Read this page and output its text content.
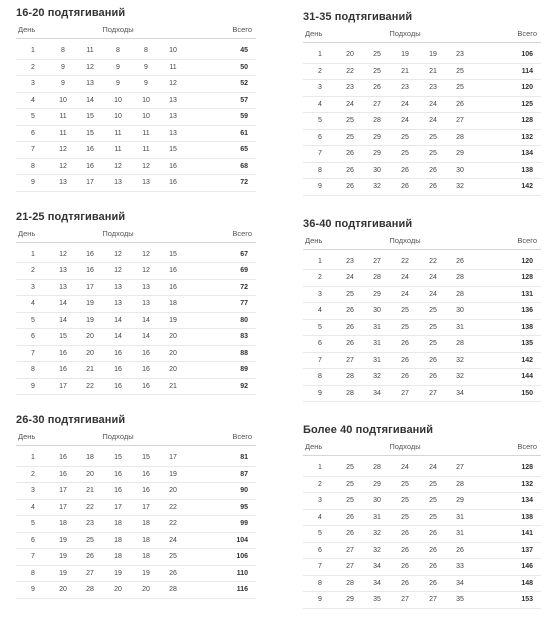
16-20 подтягиваний
День	Подходы					Всего
1	8	11	8	8	10	45
2	9	12	9	9	11	50
3	9	13	9	9	12	52
4	10	14	10	10	13	57
5	11	15	10	10	13	59
6	11	15	11	11	13	61
7	12	16	11	11	15	65
8	12	16	12	12	16	68
9	13	17	13	13	16	72
21-25 подтягиваний
День	Подходы					Всего
1	12	16	12	12	15	67
2	13	16	12	12	16	69
3	13	17	13	13	16	72
4	14	19	13	13	18	77
5	14	19	14	14	19	80
6	15	20	14	14	20	83
7	16	20	16	16	20	88
8	16	21	16	16	20	89
9	17	22	16	16	21	92
26-30 подтягиваний
День	Подходы					Всего
1	16	18	15	15	17	81
2	16	20	16	16	19	87
3	17	21	16	16	20	90
4	17	22	17	17	22	95
5	18	23	18	18	22	99
6	19	25	18	18	24	104
7	19	26	18	18	25	106
8	19	27	19	19	26	110
9	20	28	20	20	28	116
31-35 подтягиваний
День	Подходы					Всего
1	20	25	19	19	23	106
2	22	25	21	21	25	114
3	23	26	23	23	25	120
4	24	27	24	24	26	125
5	25	28	24	24	27	128
6	25	29	25	25	28	132
7	26	29	25	25	29	134
8	26	30	26	26	30	138
9	26	32	26	26	32	142
36-40 подтягиваний
День	Подходы					Всего
1	23	27	22	22	26	120
2	24	28	24	24	28	128
3	25	29	24	24	28	131
4	26	30	25	25	30	136
5	26	31	25	25	31	138
6	26	31	26	25	28	135
7	27	31	26	26	32	142
8	28	32	26	26	32	144
9	28	34	27	27	34	150
Более 40 подтягиваний
День	Подходы					Всего
1	25	28	24	24	27	128
2	25	29	25	25	28	132
3	25	30	25	25	29	134
4	26	31	25	25	31	138
5	26	32	26	26	31	141
6	27	32	26	26	26	137
7	27	34	26	26	33	146
8	28	34	26	26	34	148
9	29	35	27	27	35	153
